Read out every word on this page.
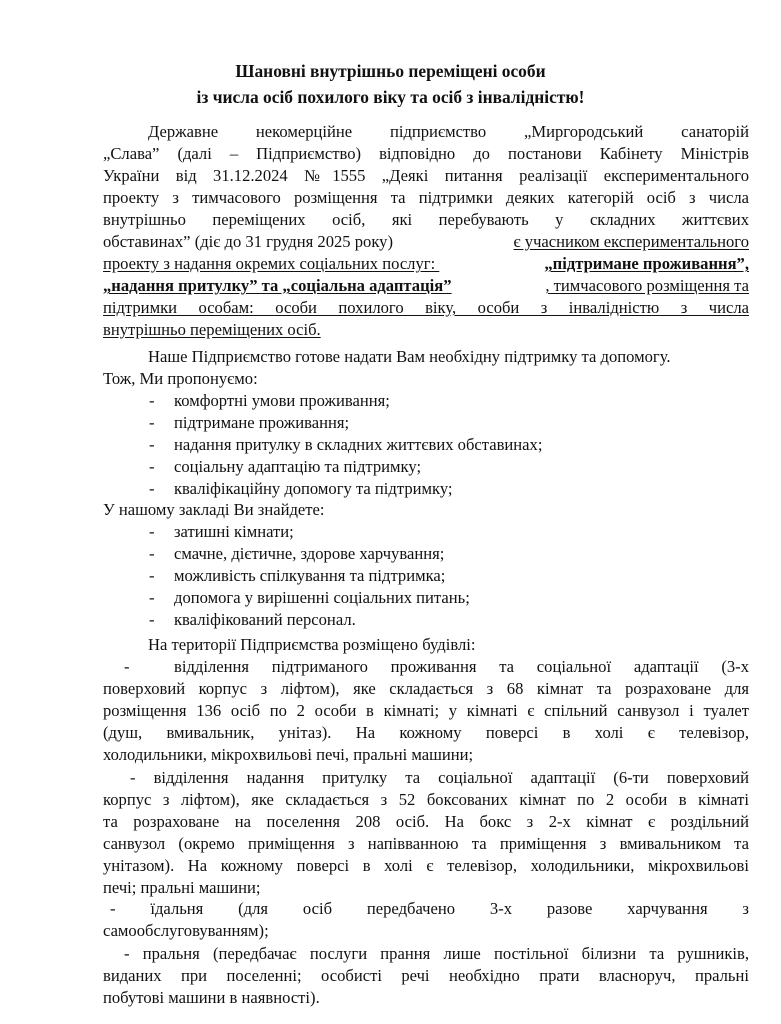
Шановні внутрішньо переміщені особи
із числа осіб похилого віку та осіб з інвалідністю!
Державне некомерційне підприємство „Миргородський санаторій
„Слава” (далі – Підприємство) відповідно до постанови Кабінету Міністрів
України від 31.12.2024 №1555 „Деякі питання реалізації експериментального
проекту з тимчасового розміщення та підтримки деяких категорій осіб з числа
внутрішньо переміщених осіб, які перебувають у складних життєвих
обставинах” (діє до 31 грудня 2025 року)	є учасником експериментального
проекту з надання окремих соціальних послуг:	„підтримане проживання”,
„надання притулку” та „соціальна адаптація”	, тимчасового розміщення та
підтримки особам: особи похилого віку, особи з інвалідністю з числа
внутрішньо переміщених осіб.
Наше Підприємство готове надати Вам необхідну підтримку та допомогу.
Тож, Ми пропонуємо:
- комфортні умови проживання;
- підтримане проживання;
- надання притулку в складних життєвих обставинах;
- соціальну адаптацію та підтримку;
- кваліфікаційну допомогу та підтримку;
У нашому закладі Ви знайдете:
- затишні кімнати;
- смачне, дієтичне, здорове харчування;
- можливість спілкування та підтримка;
- допомога у вирішенні соціальних питань;
- кваліфікований персонал.
На території Підприємства розміщено будівлі:
-	відділення підтриманого проживання та соціальної адаптації (3-х
поверховий корпус з ліфтом), яке складається з 68 кімнат та розраховане для
розміщення 136 осіб по 2 особи в кімнаті; у кімнаті є спільний санвузол і туалет
(душ, вмивальник, унітаз). На кожному поверсі в холі є телевізор,
холодильники, мікрохвильові печі, пральні машини;
- відділення надання притулку та соціальної адаптації (6-ти поверховий
корпус з ліфтом), яке складається з 52 боксованих кімнат по 2 особи в кімнаті
та розраховане на поселення 208 осіб. На бокс з 2-х кімнат є роздільний
санвузол (окремо приміщення з напівванною та приміщення з вмивальником та
унітазом). На кожному поверсі в холі є телевізор, холодильники, мікрохвильові
печі; пральні машини;
- їдальня (для осіб передбачено 3-х разове харчування з
самообслуговуванням);
- пральня (передбачає послуги прання лише постільної білизни та рушників,
виданих при поселенні; особисті речі необхідно прати власноруч, пральні
побутові машини в наявності).
